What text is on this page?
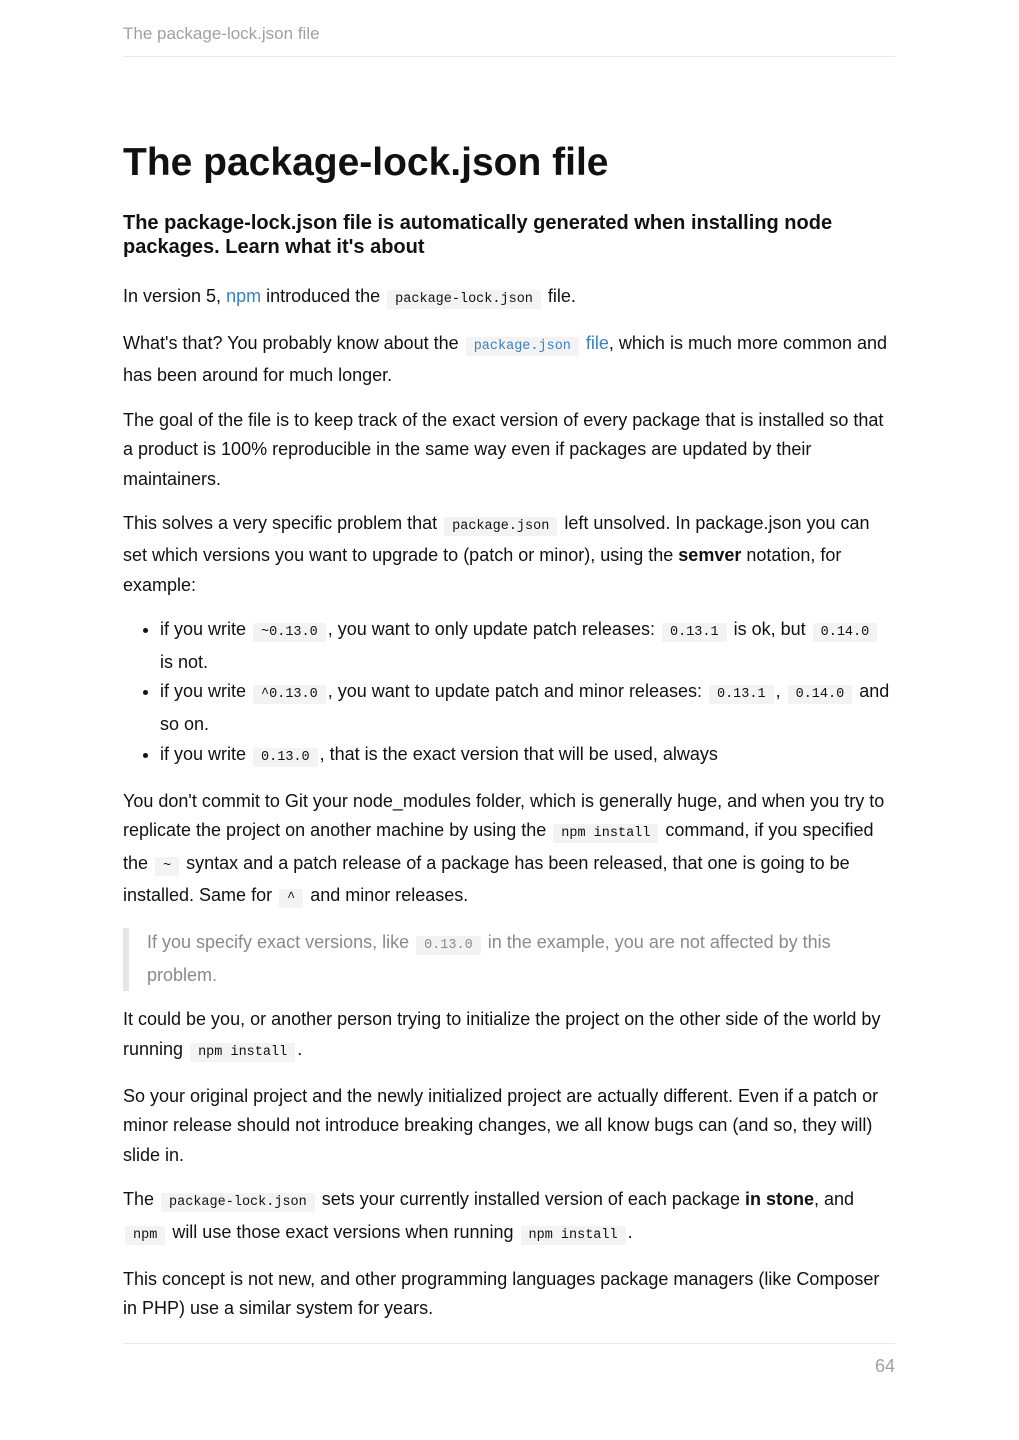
The package-lock.json file
The package-lock.json file
The package-lock.json file is automatically generated when installing node packages. Learn what it's about

In version 5, npm introduced the package-lock.json file.

What's that? You probably know about the package.json file, which is much more common and has been around for much longer.

The goal of the file is to keep track of the exact version of every package that is installed so that a product is 100% reproducible in the same way even if packages are updated by their maintainers.

This solves a very specific problem that package.json left unsolved. In package.json you can set which versions you want to upgrade to (patch or minor), using the semver notation, for example:

• if you write ~0.13.0 , you want to only update patch releases: 0.13.1 is ok, but 0.14.0 is not.
• if you write ^0.13.0 , you want to update patch and minor releases: 0.13.1 , 0.14.0 and so on.
• if you write 0.13.0 , that is the exact version that will be used, always

You don't commit to Git your node_modules folder, which is generally huge, and when you try to replicate the project on another machine by using the npm install command, if you specified the ~ syntax and a patch release of a package has been released, that one is going to be installed. Same for ^ and minor releases.

If you specify exact versions, like 0.13.0 in the example, you are not affected by this problem.

It could be you, or another person trying to initialize the project on the other side of the world by running npm install .

So your original project and the newly initialized project are actually different. Even if a patch or minor release should not introduce breaking changes, we all know bugs can (and so, they will) slide in.

The package-lock.json sets your currently installed version of each package in stone, and npm will use those exact versions when running npm install .

This concept is not new, and other programming languages package managers (like Composer in PHP) use a similar system for years.

64
